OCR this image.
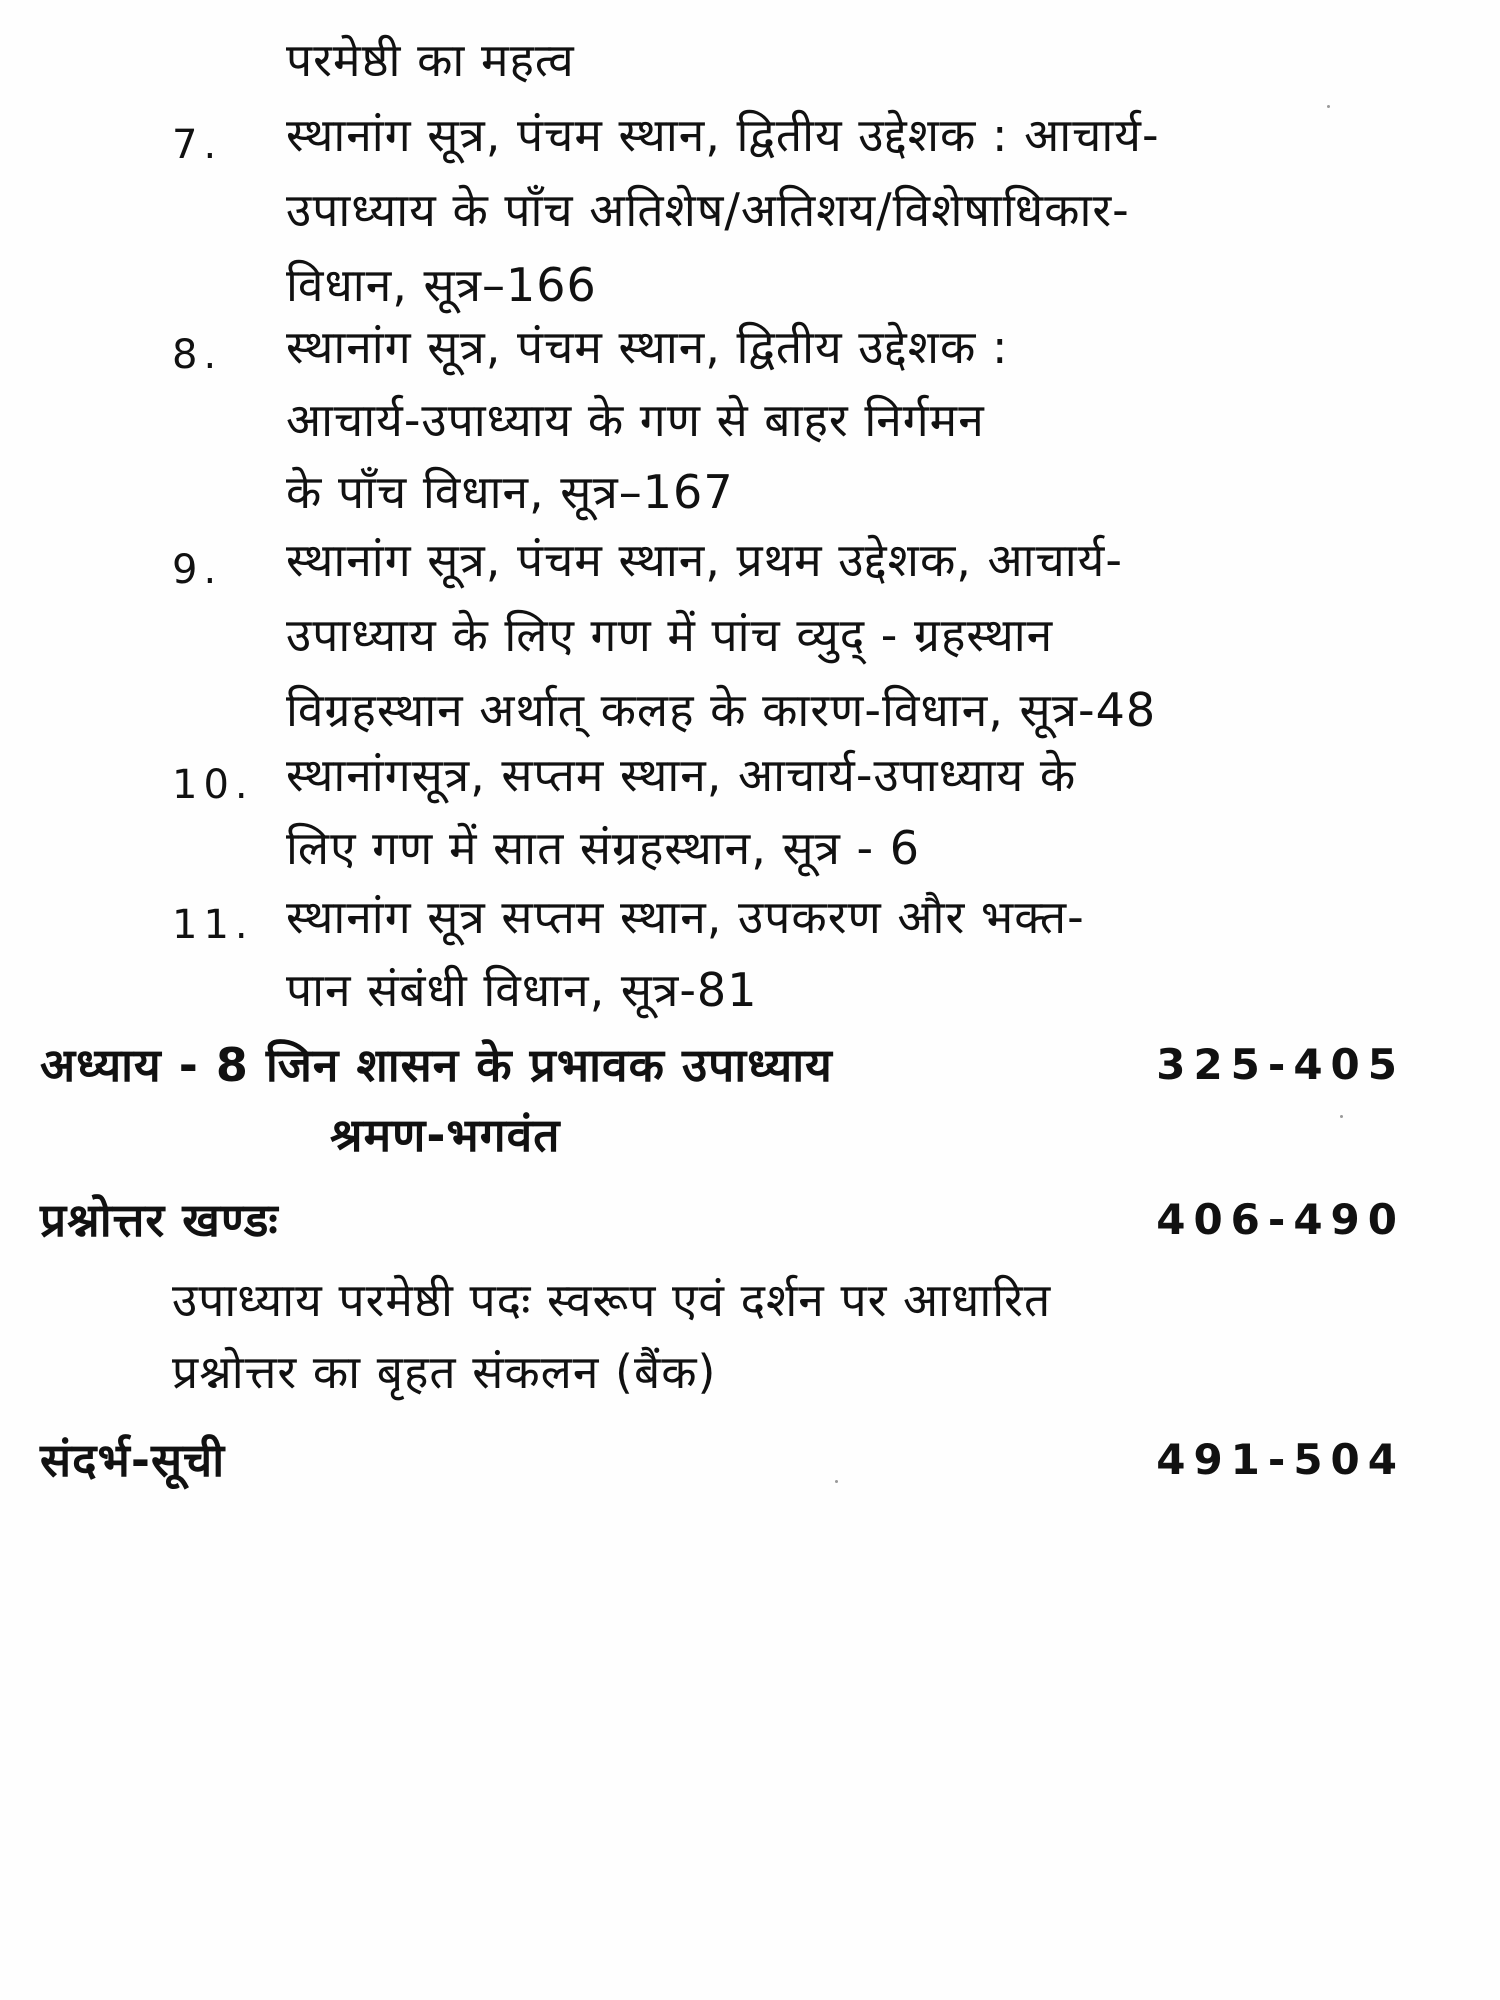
परमेष्ठी का महत्व
7. स्थानांग सूत्र, पंचम स्थान, द्वितीय उद्देशक : आचार्य-
उपाध्याय के पाँच अतिशेष/अतिशय/विशेषाधिकार-
विधान, सूत्र–166
8. स्थानांग सूत्र, पंचम स्थान, द्वितीय उद्देशक :
आचार्य-उपाध्याय के गण से बाहर निर्गमन
के पाँच विधान, सूत्र–167
9. स्थानांग सूत्र, पंचम स्थान, प्रथम उद्देशक, आचार्य-
उपाध्याय के लिए गण में पांच व्युद् - ग्रहस्थान
विग्रहस्थान अर्थात् कलह के कारण-विधान, सूत्र-48
10. स्थानांगसूत्र, सप्तम स्थान, आचार्य-उपाध्याय के
लिए गण में सात संग्रहस्थान, सूत्र - 6
11. स्थानांग सूत्र सप्तम स्थान, उपकरण और भक्त-
पान संबंधी विधान, सूत्र-81
अध्याय - 8 जिन शासन के प्रभावक उपाध्याय
श्रमण-भगवंत
325-405
प्रश्नोत्तर खण्डः	406-490
उपाध्याय परमेष्ठी पदः स्वरूप एवं दर्शन पर आधारित
प्रश्नोत्तर का बृहत संकलन (बैंक)
संदर्भ-सूची	491-504
